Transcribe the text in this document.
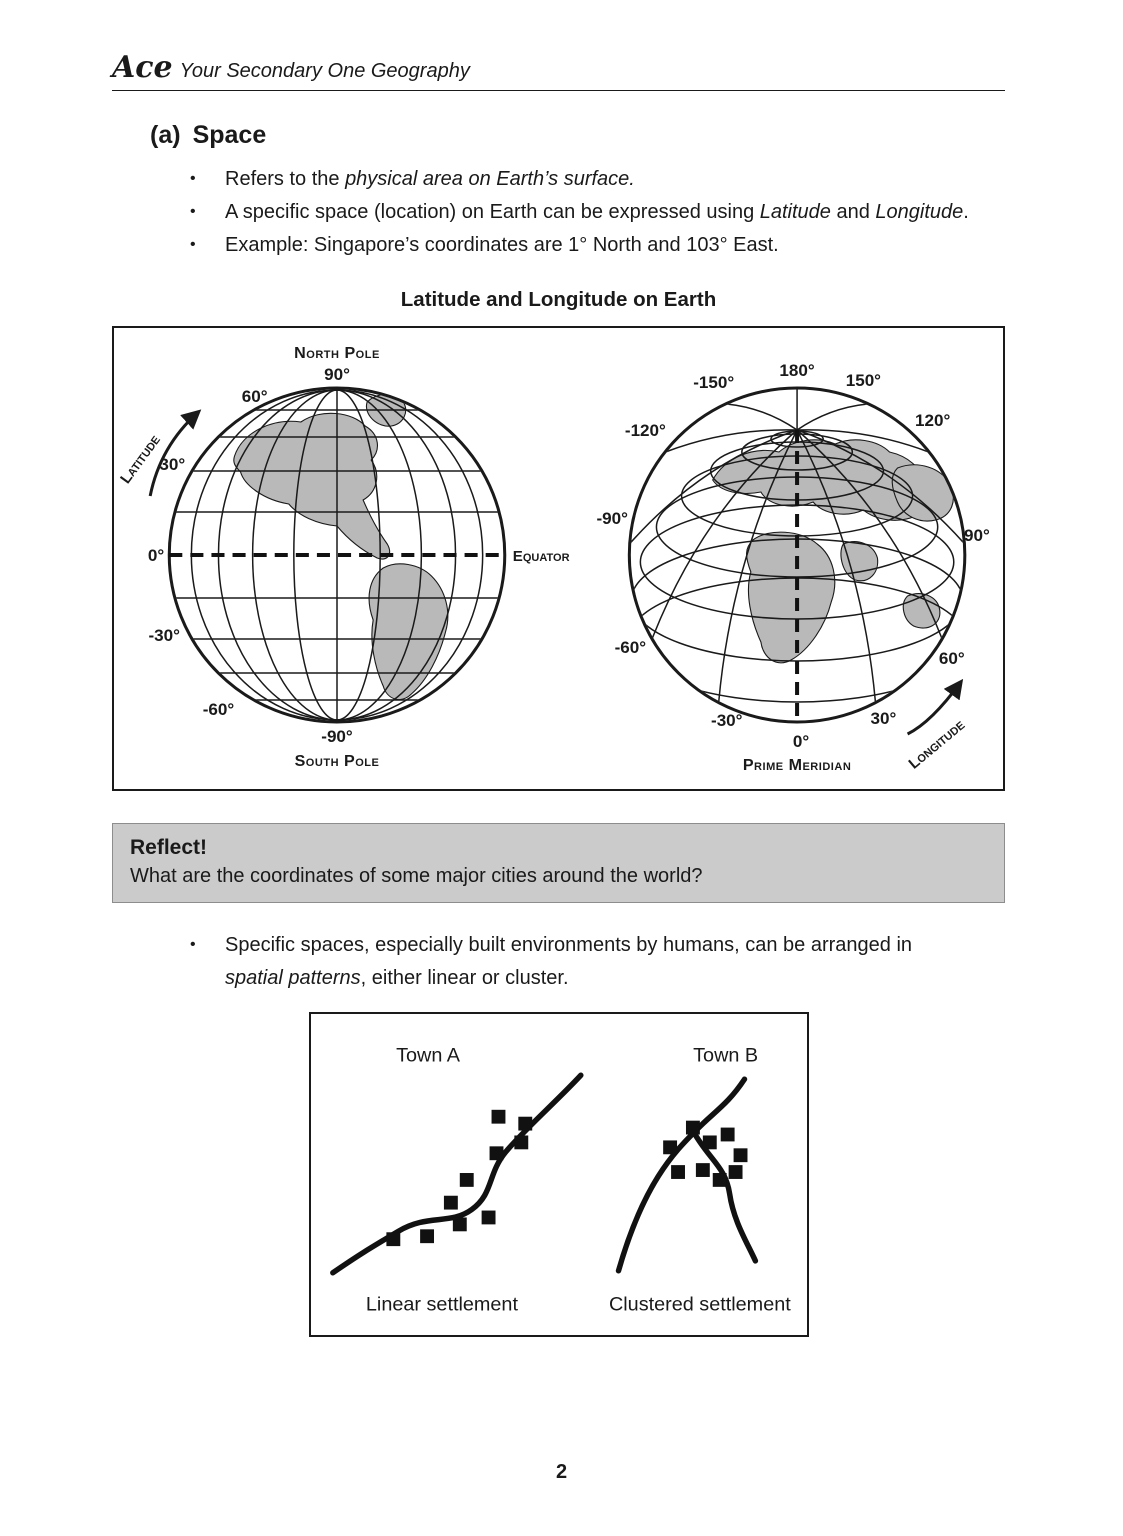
Ace Your Secondary One Geography
(a) Space
•	Refers to the physical area on Earth’s surface.
•	A specific space (location) on Earth can be expressed using Latitude and Longitude.
•	Example: Singapore’s coordinates are 1° North and 103° East.
Latitude and Longitude on Earth
North Pole
90°
60°
30°
0°
-30°
-60°
-90°
South Pole
Equator
Latitude
180°
150°
-150°
120°
-120°
90°
-90°
60°
-60°
30°
-30°
0°
Prime Meridian	Longitude
Reflect!
What are the coordinates of some major cities around the world?
•	Specific spaces, especially built environments by humans, can be arranged in
spatial patterns, either linear or cluster.
Town A
Linear settlement
Town B
Clustered settlement
2
